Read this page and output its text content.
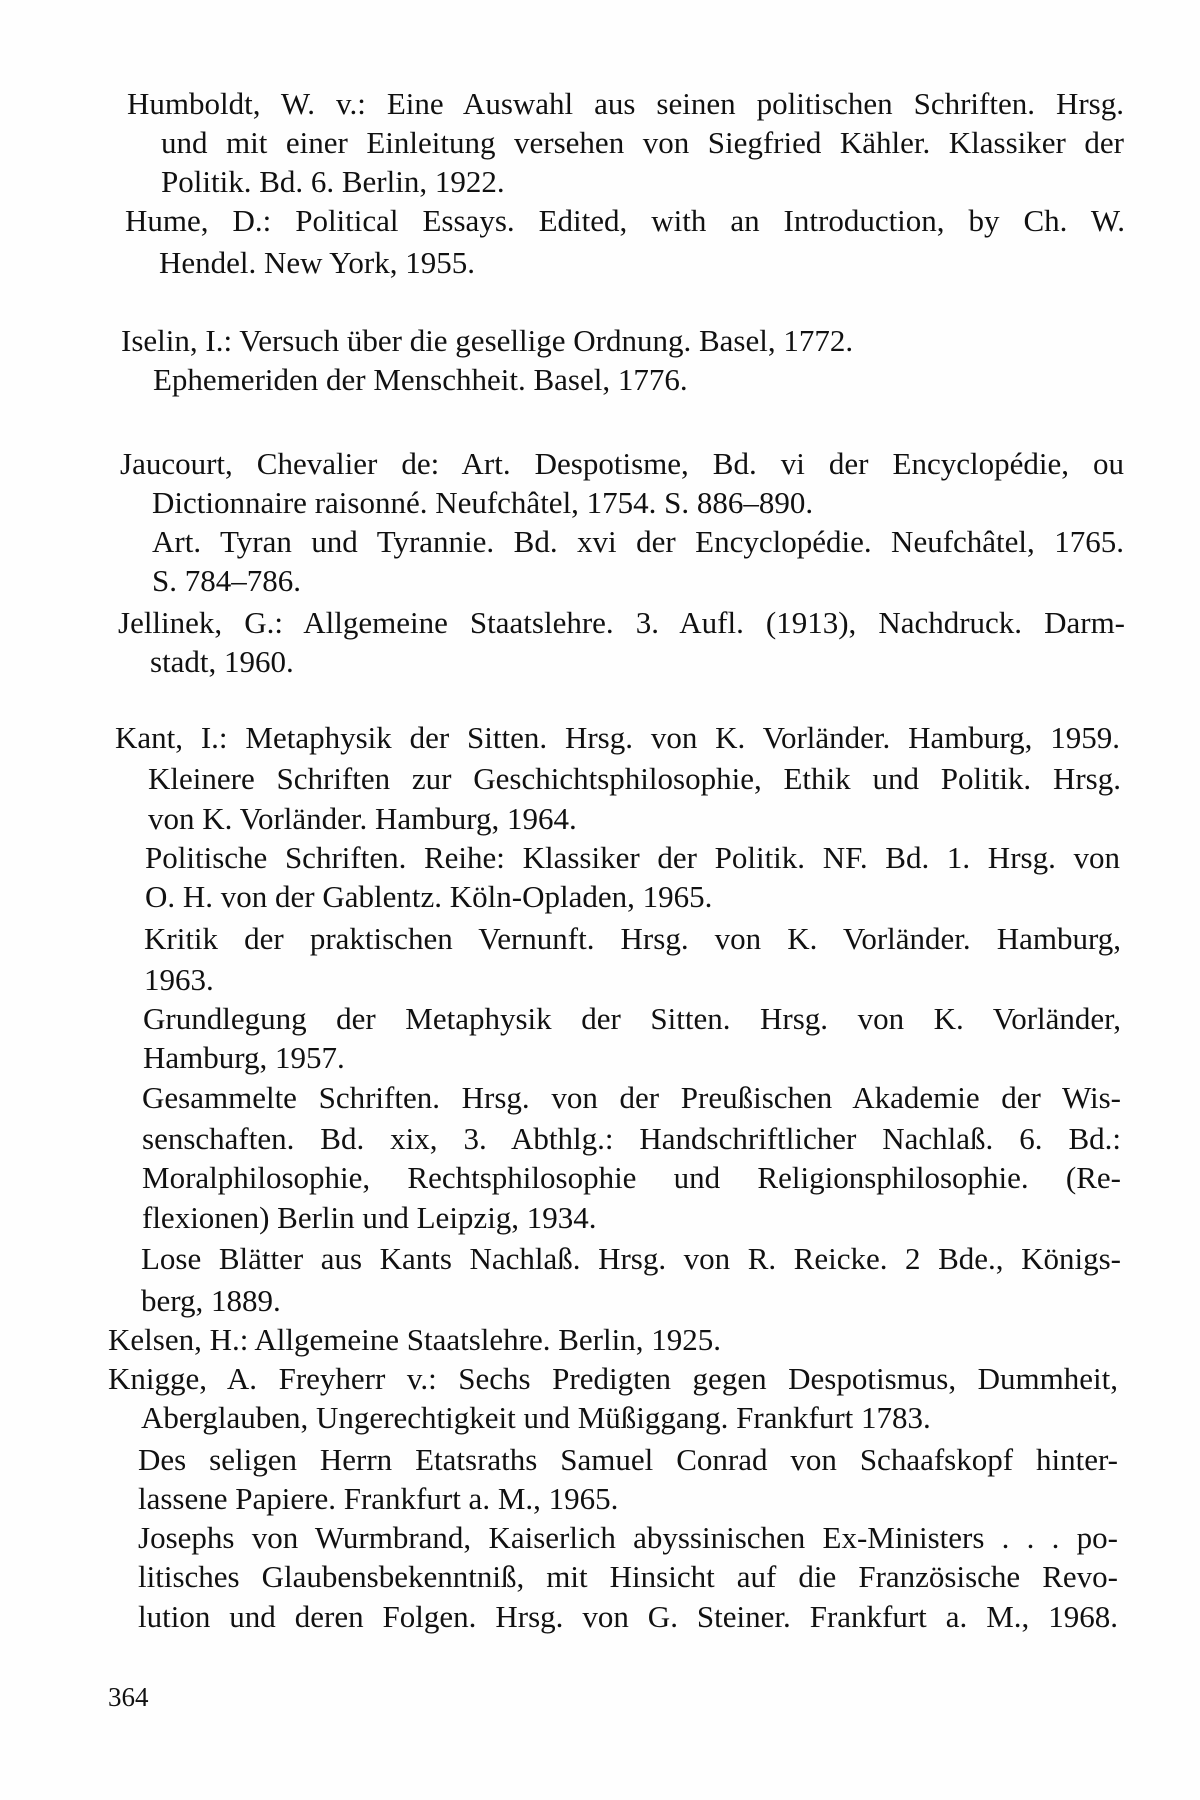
364
Humboldt, W. v.: Eine Auswahl aus seinen politischen Schriften. Hrsg.
und mit einer Einleitung versehen von Siegfried Kähler. Klassiker der
Politik. Bd. 6. Berlin, 1922.
Hume, D.: Political Essays. Edited, with an Introduction, by Ch. W.
Hendel. New York, 1955.
Iselin, I.: Versuch über die gesellige Ordnung. Basel, 1772.
Ephemeriden der Menschheit. Basel, 1776.
Jaucourt, Chevalier de: Art. Despotisme, Bd. vi der Encyclopédie, ou
Dictionnaire raisonné. Neufchâtel, 1754. S. 886–890.
Art. Tyran und Tyrannie. Bd. xvi der Encyclopédie. Neufchâtel, 1765.
S. 784–786.
Jellinek, G.: Allgemeine Staatslehre. 3. Aufl. (1913), Nachdruck. Darm-
stadt, 1960.
Kant, I.: Metaphysik der Sitten. Hrsg. von K. Vorländer. Hamburg, 1959.
Kleinere Schriften zur Geschichtsphilosophie, Ethik und Politik. Hrsg.
von K. Vorländer. Hamburg, 1964.
Politische Schriften. Reihe: Klassiker der Politik. NF. Bd. 1. Hrsg. von
O. H. von der Gablentz. Köln-Opladen, 1965.
Kritik der praktischen Vernunft. Hrsg. von K. Vorländer. Hamburg,
1963.
Grundlegung der Metaphysik der Sitten. Hrsg. von K. Vorländer,
Hamburg, 1957.
Gesammelte Schriften. Hrsg. von der Preußischen Akademie der Wis-
senschaften. Bd. xix, 3. Abthlg.: Handschriftlicher Nachlaß. 6. Bd.:
Moralphilosophie, Rechtsphilosophie und Religionsphilosophie. (Re-
flexionen) Berlin und Leipzig, 1934.
Lose Blätter aus Kants Nachlaß. Hrsg. von R. Reicke. 2 Bde., Königs-
berg, 1889.
Kelsen, H.: Allgemeine Staatslehre. Berlin, 1925.
Knigge, A. Freyherr v.: Sechs Predigten gegen Despotismus, Dummheit,
Aberglauben, Ungerechtigkeit und Müßiggang. Frankfurt 1783.
Des seligen Herrn Etatsraths Samuel Conrad von Schaafskopf hinter-
lassene Papiere. Frankfurt a. M., 1965.
Josephs von Wurmbrand, Kaiserlich abyssinischen Ex-Ministers . . . po-
litisches Glaubensbekenntniß, mit Hinsicht auf die Französische Revo-
lution und deren Folgen. Hrsg. von G. Steiner. Frankfurt a. M., 1968.
